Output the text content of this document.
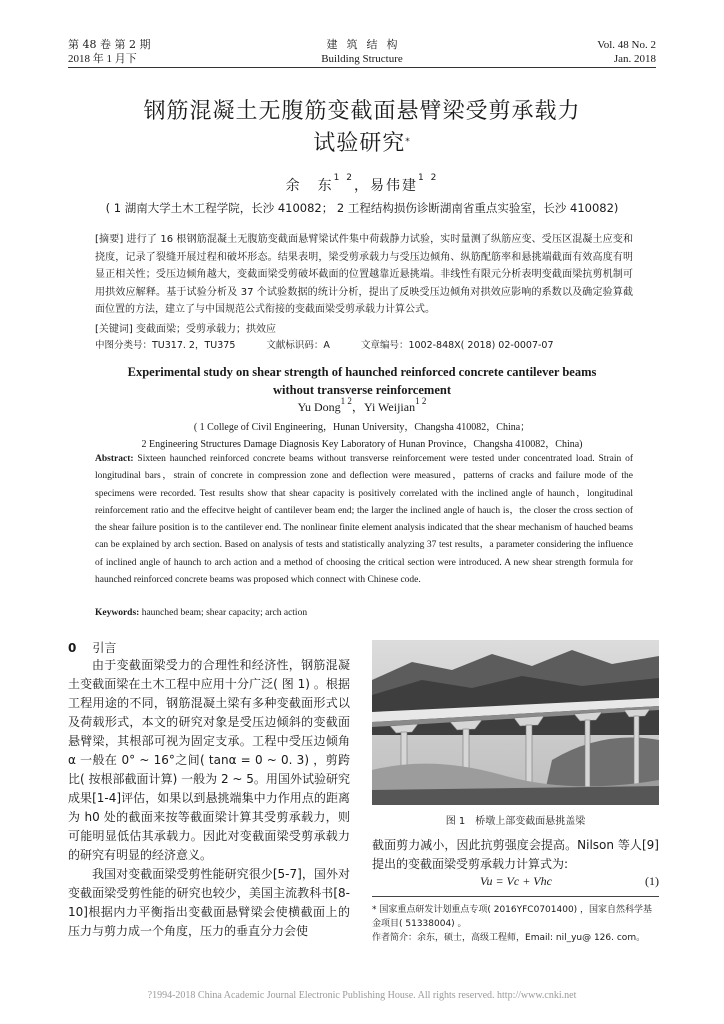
第 48 卷 第 2 期
2018 年 1 月下
建筑结构
Building Structure
Vol. 48 No. 2
Jan. 2018
钢筋混凝土无腹筋变截面悬臂梁受剪承载力
试验研究*
余　东$^{1 2}$，易伟建$^{1 2}$
( 1 湖南大学土木工程学院，长沙 410082； 2 工程结构损伤诊断湖南省重点实验室，长沙 410082)
[摘要] 进行了 16 根钢筋混凝土无腹筋变截面悬臂梁试件集中荷载静力试验，实时量测了纵筋应变、受压区混凝土应变和挠度，记录了裂缝开展过程和破坏形态。结果表明，梁受剪承载力与受压边倾角、纵筋配筋率和悬挑端截面有效高度有明显正相关性；受压边倾角越大，变截面梁受剪破坏截面的位置越靠近悬挑端。非线性有限元分析表明变截面梁抗剪机制可用拱效应解释。基于试验分析及 37 个试验数据的统计分析，提出了反映受压边倾角对拱效应影响的系数以及确定验算截面位置的方法，建立了与中国规范公式衔接的变截面梁受剪承载力计算公式。
[关键词] 变截面梁；受剪承载力；拱效应
中图分类号：TU317. 2，TU375	文献标识码：A	文章编号：1002-848X( 2018) 02-0007-07
Experimental study on shear strength of haunched reinforced concrete cantilever beams without transverse reinforcement
Yu Dong$^{1 2}$，Yi Weijian$^{1 2}$
( 1 College of Civil Engineering，Hunan University，Changsha 410082，China；
2 Engineering Structures Damage Diagnosis Key Laboratory of Hunan Province，Changsha 410082，China)
Abstract: Sixteen haunched reinforced concrete beams without transverse reinforcement were tested under concentrated load. Strain of longitudinal bars，strain of concrete in compression zone and deflection were measured，patterns of cracks and failure mode of the specimens were recorded. Test results show that shear capacity is positively correlated with the inclined angle of haunch，longitudinal reinforcement ratio and the effecitve height of cantilever beam end; the larger the inclined angle of hauch is，the closer the cross section of the shear failure position is to the cantilever end. The nonlinear finite element analysis indicated that the shear mechanism of hauched beams can be explained by arch section. Based on analysis of tests and statistically analyzing 37 test results，a parameter considering the influence of inclined angle of haunch to arch action and a method of choosing the critical section were introduced. A new shear strength formula for haunched reinforced concrete beams was proposed which connect with Chinese code.
Keywords: haunched beam; shear capacity; arch action
0 引言

由于变截面梁受力的合理性和经济性，钢筋混凝土变截面梁在土木工程中应用十分广泛( 图 1) 。根据工程用途的不同，钢筋混凝土梁有多种变截面形式以及荷载形式，本文的研究对象是受压边倾斜的变截面悬臂梁，其根部可视为固定支承。工程中受压边倾角 α 一般在 0° ~ 16°之间( tanα = 0 ~ 0. 3) ，剪跨比( 按根部截面计算) 一般为 2 ~ 5。用国外试验研究成果[1-4]评估，如果以到悬挑端集中力作用点的距离为 h0 处的截面来按等截面梁计算其受剪承载力，则可能明显低估其承载力。因此对变截面梁受剪承载力的研究有明显的经济意义。

我国对变截面梁受剪性能研究很少[5-7]，国外对变截面梁受剪性能的研究也较少，美国主流教科书[8-10]根据内力平衡指出变截面悬臂梁会使横截面上的压力与剪力成一个角度，压力的垂直分力会使

图 1　桥墩上部变截面悬挑盖梁

截面剪力减小，因此抗剪强度会提高。Nilson 等人[9]提出的变截面梁受剪承载力计算式为:

Vu = Vc + Vhc	(1)
* 国家重点研发计划重点专项( 2016YFC0701400) ，国家自然科学基金项目( 51338004) 。
作者简介：余东，硕士，高级工程师，Email: nil_yu@ 126. com。
?1994-2018 China Academic Journal Electronic Publishing House. All rights reserved. http://www.cnki.net
